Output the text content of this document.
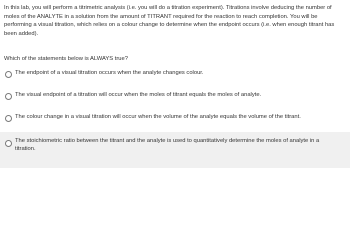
In this lab, you will perform a titrimetric analysis (i.e. you will do a titration experiment). Titrations involve deducing the number of moles of the ANALYTE in a solution from the amount of TITRANT required for the reaction to reach completion. You will be performing a visual titration, which relies on a colour change to determine when the endpoint occurs (i.e. when enough titrant has been added).

Which of the statements below is ALWAYS true?

The endpoint of a visual titration occurs when the analyte changes colour.
The visual endpoint of a titration will occur when the moles of titrant equals the moles of analyte.
The colour change in a visual titration will occur when the volume of the analyte equals the volume of the titrant.
The stoichiometric ratio between the titrant and the analyte is used to quantitatively determine the moles of analyte in a titration.
